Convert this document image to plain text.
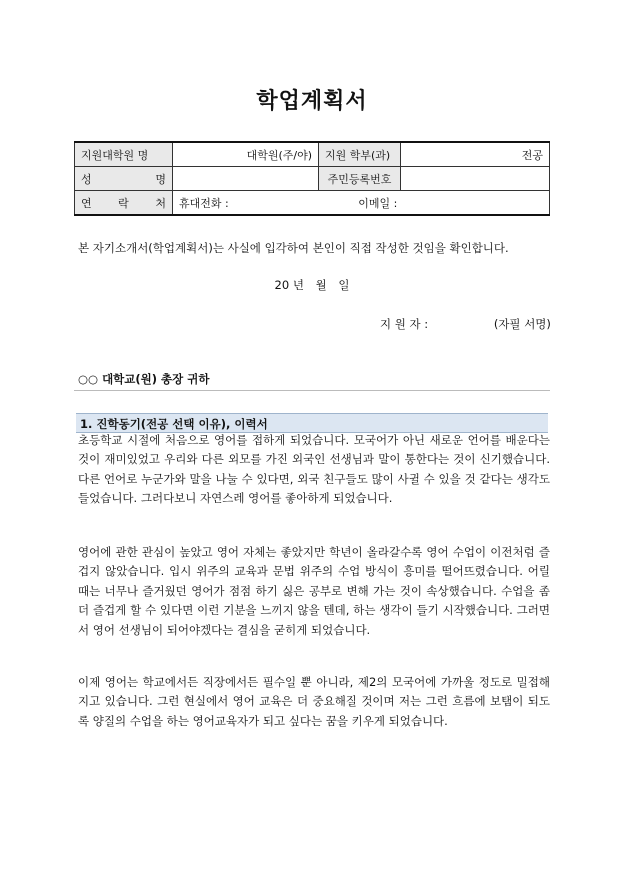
학업계획서
지원대학원 명	대학원(주/야)	지원 학부(과)	전공

성 명		주민등록번호	

연 락 처	휴대전화 : 이메일 :		
본 자기소개서(학업계획서)는 사실에 입각하여 본인이 직접 작성한 것임을 확인합니다.
20 년 월 일
지 원 자 :	(자필 서명)
○○ 대학교(원) 총장 귀하
1. 진학동기(전공 선택 이유), 이력서
초등학교 시절에 처음으로 영어를 접하게 되었습니다. 모국어가 아닌 새로운 언어를 배운다는 것이 재미있었고 우리와 다른 외모를 가진 외국인 선생님과 말이 통한다는 것이 신기했습니다. 다른 언어로 누군가와 말을 나눌 수 있다면, 외국 친구들도 많이 사귈 수 있을 것 같다는 생각도 들었습니다. 그러다보니 자연스레 영어를 좋아하게 되었습니다.
영어에 관한 관심이 높았고 영어 자체는 좋았지만 학년이 올라갈수록 영어 수업이 이전처럼 즐겁지 않았습니다. 입시 위주의 교육과 문법 위주의 수업 방식이 흥미를 떨어뜨렸습니다. 어릴 때는 너무나 즐거웠던 영어가 점점 하기 싫은 공부로 변해 가는 것이 속상했습니다. 수업을 좀 더 즐겁게 할 수 있다면 이런 기분을 느끼지 않을 텐데, 하는 생각이 들기 시작했습니다. 그러면서 영어 선생님이 되어야겠다는 결심을 굳히게 되었습니다.
이제 영어는 학교에서든 직장에서든 필수일 뿐 아니라, 제2의 모국어에 가까울 정도로 밀접해지고 있습니다. 그런 현실에서 영어 교육은 더 중요해질 것이며 저는 그런 흐름에 보탬이 되도록 양질의 수업을 하는 영어교육자가 되고 싶다는 꿈을 키우게 되었습니다.
